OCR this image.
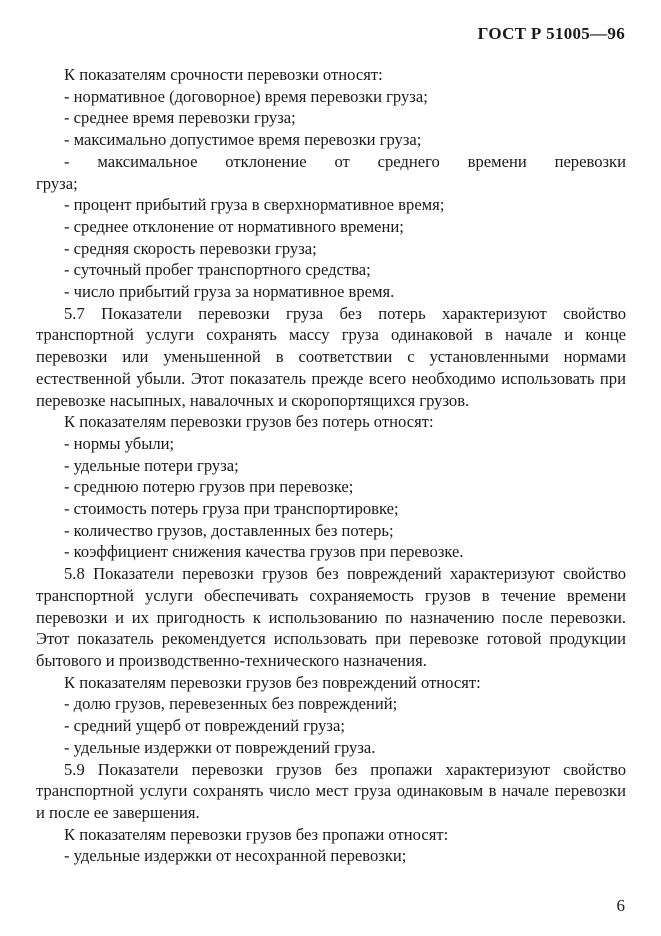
ГОСТ Р 51005—96

К показателям срочности перевозки относят:

- нормативное (договорное) время перевозки груза;

- среднее время перевозки груза;

- максимально допустимое время перевозки груза;

- максимальное отклонение от среднего времени перевозки
груза;

- процент прибытий груза в сверхнормативное время;

- среднее отклонение от нормативного времени;

- средняя скорость перевозки груза;

- суточный пробег транспортного средства;

- число прибытий груза за нормативное время.

5.7 Показатели перевозки груза без потерь характеризуют свойство транспортной услуги сохранять массу груза одинаковой в начале и конце перевозки или уменьшенной в соответствии с установленными нормами естественной убыли. Этот показатель прежде всего необходимо использовать при перевозке насыпных, навалочных и скоропортящихся грузов.

К показателям перевозки грузов без потерь относят:

- нормы убыли;

- удельные потери груза;

- среднюю потерю грузов при перевозке;

- стоимость потерь груза при транспортировке;

- количество грузов, доставленных без потерь;

- коэффициент снижения качества грузов при перевозке.

5.8 Показатели перевозки грузов без повреждений характеризуют свойство транспортной услуги обеспечивать сохраняемость грузов в течение времени перевозки и их пригодность к использованию по назначению после перевозки. Этот показатель рекомендуется использовать при перевозке готовой продукции бытового и производственно-технического назначения.

К показателям перевозки грузов без повреждений относят:

- долю грузов, перевезенных без повреждений;

- средний ущерб от повреждений груза;

- удельные издержки от повреждений груза.

5.9 Показатели перевозки грузов без пропажи характеризуют свойство транспортной услуги сохранять число мест груза одинаковым в начале перевозки и после ее завершения.

К показателям перевозки грузов без пропажи относят:

- удельные издержки от несохранной перевозки;

6
